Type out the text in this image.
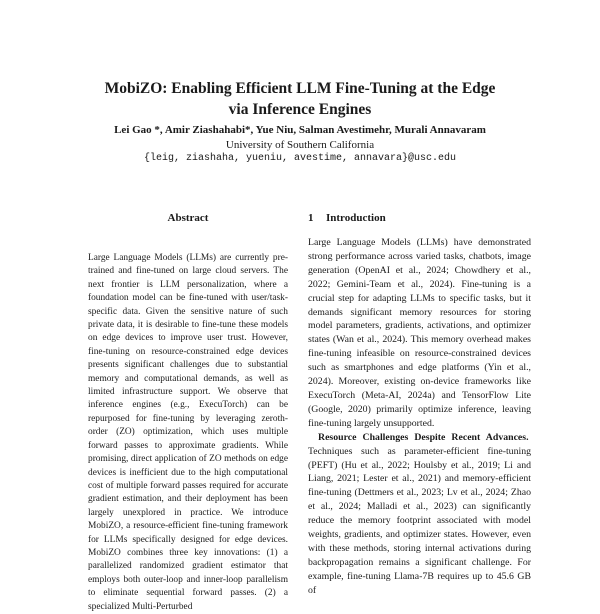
MobiZO: Enabling Efficient LLM Fine-Tuning at the Edge
via Inference Engines
Lei Gao *, Amir Ziashahabi*, Yue Niu, Salman Avestimehr, Murali Annavaram
University of Southern California
{leig, ziashaha, yueniu, avestime, annavara}@usc.edu
Abstract
Large Language Models (LLMs) are currently pre-trained and fine-tuned on large cloud servers. The next frontier is LLM personalization, where a foundation model can be fine-tuned with user/task-specific data. Given the sensitive nature of such private data, it is desirable to fine-tune these models on edge devices to improve user trust. However, fine-tuning on resource-constrained edge devices presents significant challenges due to substantial memory and computational demands, as well as limited infrastructure support. We observe that inference engines (e.g., ExecuTorch) can be repurposed for fine-tuning by leveraging zeroth-order (ZO) optimization, which uses multiple forward passes to approximate gradients. While promising, direct application of ZO methods on edge devices is inefficient due to the high computational cost of multiple forward passes required for accurate gradient estimation, and their deployment has been largely unexplored in practice. We introduce MobiZO, a resource-efficient fine-tuning framework for LLMs specifically designed for edge devices. MobiZO combines three key innovations: (1) a parallelized randomized gradient estimator that employs both outer-loop and inner-loop parallelism to eliminate sequential forward passes. (2) a specialized Multi-Perturbed
1 Introduction

Large Language Models (LLMs) have demonstrated strong performance across varied tasks, chatbots, image generation (OpenAI et al., 2024; Chowdhery et al., 2022; Gemini-Team et al., 2024). Fine-tuning is a crucial step for adapting LLMs to specific tasks, but it demands significant memory resources for storing model parameters, gradients, activations, and optimizer states (Wan et al., 2024). This memory overhead makes fine-tuning infeasible on resource-constrained devices such as smartphones and edge platforms (Yin et al., 2024). Moreover, existing on-device frameworks like ExecuTorch (Meta-AI, 2024a) and TensorFlow Lite (Google, 2020) primarily optimize inference, leaving fine-tuning largely unsupported.

Resource Challenges Despite Recent Advances.  Techniques such as parameter-efficient fine-tuning (PEFT) (Hu et al., 2022; Houlsby et al., 2019; Li and Liang, 2021; Lester et al., 2021) and memory-efficient fine-tuning (Dettmers et al., 2023; Lv et al., 2024; Zhao et al., 2024; Malladi et al., 2023) can significantly reduce the memory footprint associated with model weights, gradients, and optimizer states. However, even with these methods, storing internal activations during backpropagation remains a significant challenge. For example, fine-tuning Llama-7B requires up to 45.6 GB of
